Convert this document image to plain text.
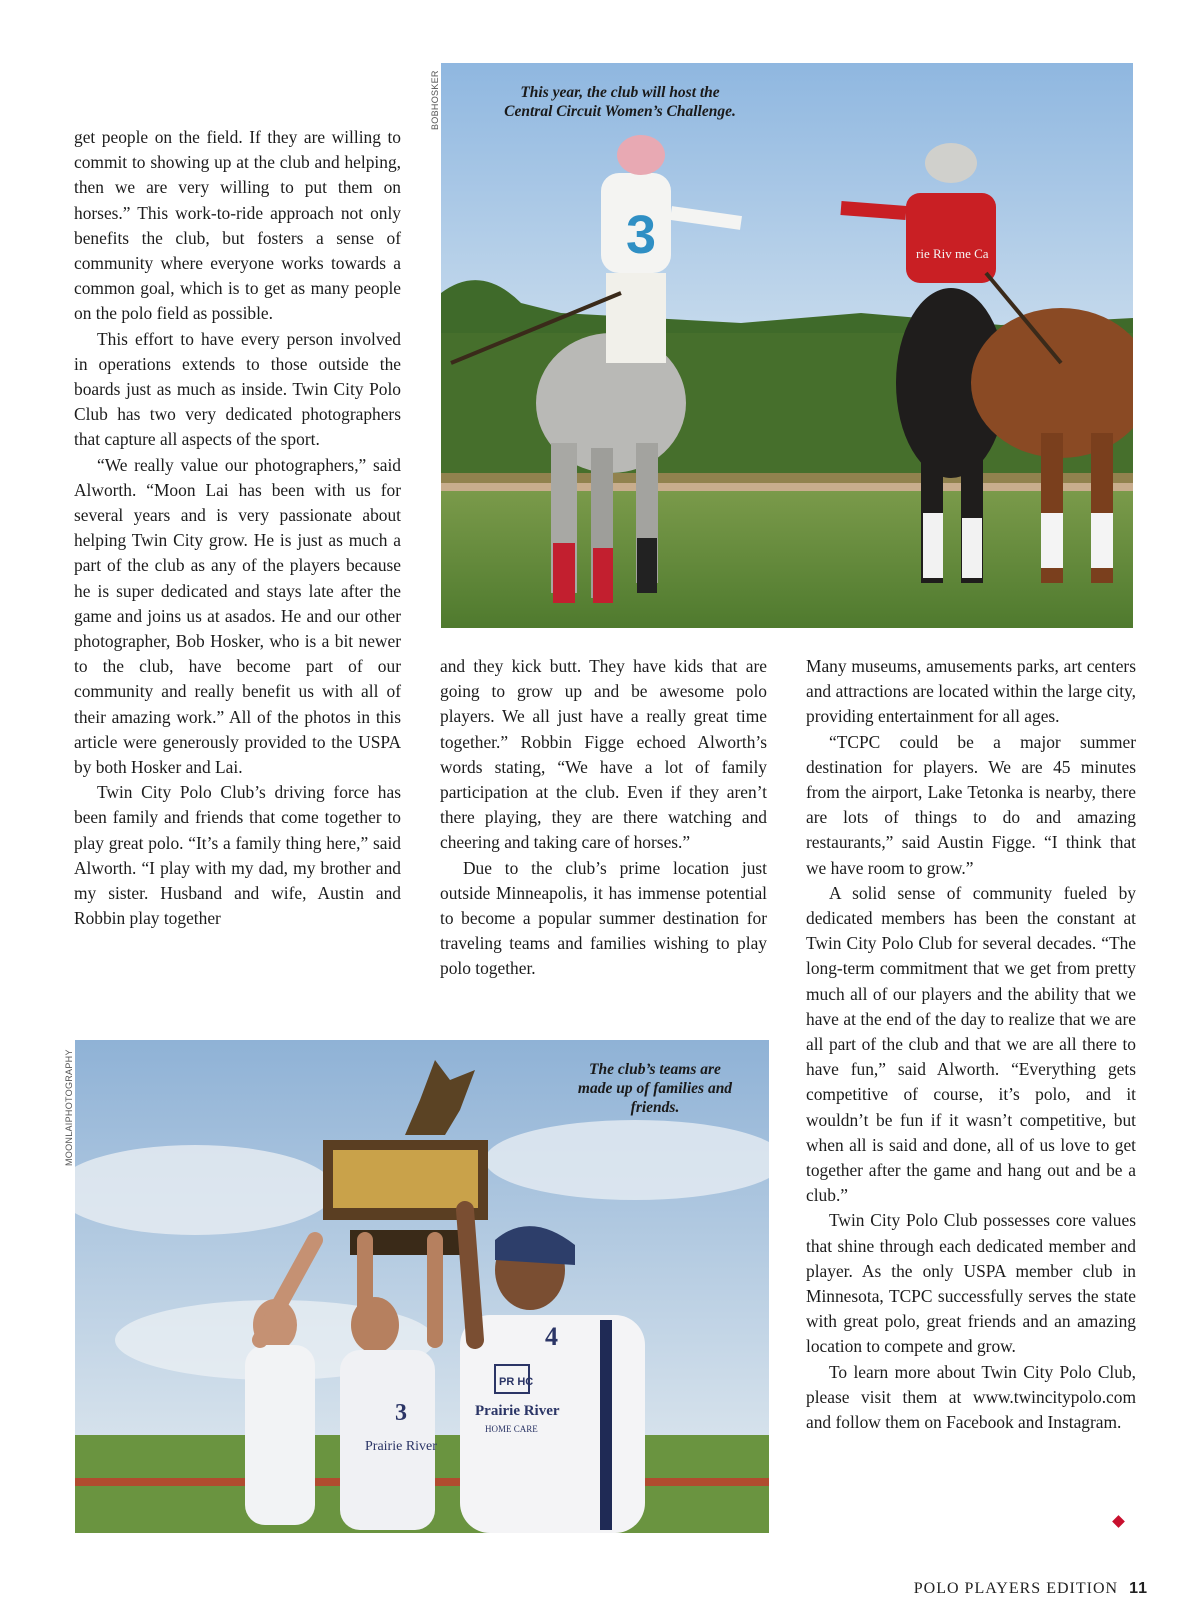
BOBHOSKER
MOONLAIPHOTOGRAPHY
3	rie Riv me Ca
This year, the club will host the
Central Circuit Women’s Challenge.

get people on the field. If they are willing to commit to showing up at the club and helping, then we are very willing to put them on horses.” This work-to-ride approach not only benefits the club, but fosters a sense of community where everyone works towards a common goal, which is to get as many people on the polo field as possible.

This effort to have every person involved in operations extends to those outside the boards just as much as inside. Twin City Polo Club has two very dedicated photographers that capture all aspects of the sport.

“We really value our photographers,” said Alworth. “Moon Lai has been with us for several years and is very passionate about helping Twin City grow. He is just as much a part of the club as any of the players because he is super dedicated and stays late after the game and joins us at asados. He and our other photographer, Bob Hosker, who is a bit newer to the club, have become part of our community and really benefit us with all of their amazing work.” All of the photos in this article were generously provided to the USPA by both Hosker and Lai.

Twin City Polo Club’s driving force has been family and friends that come together to play great polo. “It’s a family thing here,” said Alworth. “I play with my dad, my brother and my sister. Husband and wife, Austin and Robbin play together

and they kick butt. They have kids that are going to grow up and be awesome polo players. We all just have a really great time together.” Robbin Figge echoed Alworth’s words stating, “We have a lot of family participation at the club. Even if they aren’t there playing, they are there watching and cheering and taking care of horses.”

Due to the club’s prime location just outside Minneapolis, it has immense potential to become a popular summer destination for traveling teams and families wishing to play polo together.

Many museums, amusements parks, art centers and attractions are located within the large city, providing entertainment for all ages.

“TCPC could be a major summer destination for players. We are 45 minutes from the airport, Lake Tetonka is nearby, there are lots of things to do and amazing restaurants,” said Austin Figge. “I think that we have room to grow.”

A solid sense of community fueled by dedicated members has been the constant at Twin City Polo Club for several decades. “The long-term commitment that we get from pretty much all of our players and the ability that we have at the end of the day to realize that we are all part of the club and that we are all there to have fun,” said Alworth. “Everything gets competitive of course, it’s polo, and it wouldn’t be fun if it wasn’t competitive, but when all is said and done, all of us love to get together after the game and hang out and be a club.”

Twin City Polo Club possesses core values that shine through each dedicated member and player. As the only USPA member club in Minnesota, TCPC successfully serves the state with great polo, great friends and an amazing location to compete and grow.

To learn more about Twin City Polo Club, please visit them at www.twincitypolo.com and follow them on Facebook and Instagram.

3
Prairie River
4
PR HC
Prairie River
HOME CARE
The club’s teams are
made up of families and
friends.
POLO PLAYERS EDITION 11
